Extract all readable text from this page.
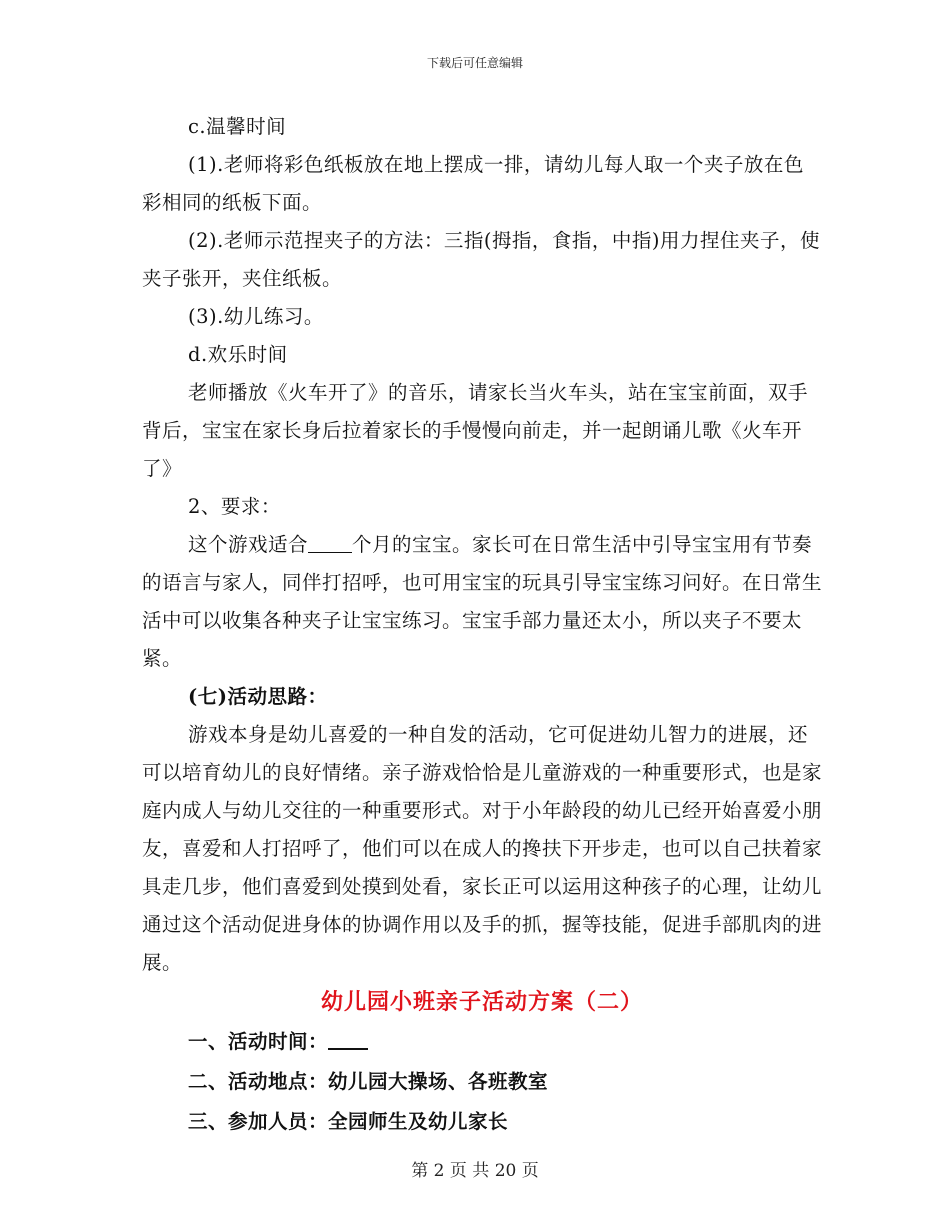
下载后可任意编辑

c.温馨时间

(1).老师将彩色纸板放在地上摆成一排，请幼儿每人取一个夹子放在色彩相同的纸板下面。

(2).老师示范捏夹子的方法：三指(拇指，食指，中指)用力捏住夹子，使夹子张开，夹住纸板。

(3).幼儿练习。

d.欢乐时间

老师播放《火车开了》的音乐，请家长当火车头，站在宝宝前面，双手背后，宝宝在家长身后拉着家长的手慢慢向前走，并一起朗诵儿歌《火车开了》

2、要求：

这个游戏适合 个月的宝宝。家长可在日常生活中引导宝宝用有节奏的语言与家人，同伴打招呼，也可用宝宝的玩具引导宝宝练习问好。在日常生活中可以收集各种夹子让宝宝练习。宝宝手部力量还太小，所以夹子不要太紧。

(七)活动思路：

游戏本身是幼儿喜爱的一种自发的活动，它可促进幼儿智力的进展，还可以培育幼儿的良好情绪。亲子游戏恰恰是儿童游戏的一种重要形式，也是家庭内成人与幼儿交往的一种重要形式。对于小年龄段的幼儿已经开始喜爱小朋友，喜爱和人打招呼了，他们可以在成人的搀扶下开步走，也可以自己扶着家具走几步，他们喜爱到处摸到处看，家长正可以运用这种孩子的心理，让幼儿通过这个活动促进身体的协调作用以及手的抓，握等技能，促进手部肌肉的进展。

幼儿园小班亲子活动方案（二）

一、活动时间：

二、活动地点：幼儿园大操场、各班教室

三、参加人员：全园师生及幼儿家长

第 2 页 共 20 页
